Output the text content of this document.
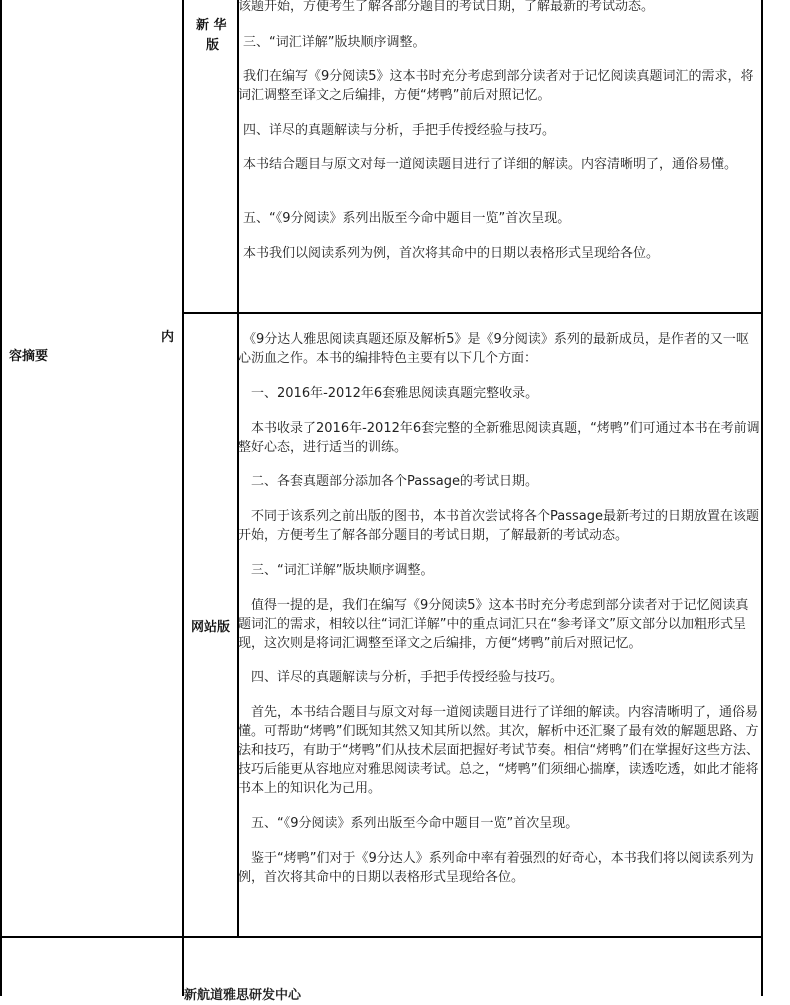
内
容摘要
新 华
版

该题开始，方便考生了解各部分题目的考试日期，了解最新的考试动态。

三、“词汇详解”版块顺序调整。

我们在编写《9分阅读5》这本书时充分考虑到部分读者对于记忆阅读真题词汇的需求，将词汇调整至译文之后编排，方便“烤鸭”前后对照记忆。

四、详尽的真题解读与分析，手把手传授经验与技巧。

本书结合题目与原文对每一道阅读题目进行了详细的解读。内容清晰明了，通俗易懂。

五、“《9分阅读》系列出版至今命中题目一览”首次呈现。

本书我们以阅读系列为例，首次将其命中的日期以表格形式呈现给各位。

网站版

《9分达人雅思阅读真题还原及解析5》是《9分阅读》系列的最新成员，是作者的又一呕心沥血之作。本书的编排特色主要有以下几个方面：

一、2016年-2012年6套雅思阅读真题完整收录。

本书收录了2016年-2012年6套完整的全新雅思阅读真题，“烤鸭”们可通过本书在考前调整好心态，进行适当的训练。

二、各套真题部分添加各个Passage的考试日期。

不同于该系列之前出版的图书，本书首次尝试将各个Passage最新考过的日期放置在该题开始，方便考生了解各部分题目的考试日期，了解最新的考试动态。

三、“词汇详解”版块顺序调整。

值得一提的是，我们在编写《9分阅读5》这本书时充分考虑到部分读者对于记忆阅读真题词汇的需求，相较以往“词汇详解”中的重点词汇只在“参考译文”原文部分以加粗形式呈现，这次则是将词汇调整至译文之后编排，方便“烤鸭”前后对照记忆。

四、详尽的真题解读与分析，手把手传授经验与技巧。

首先，本书结合题目与原文对每一道阅读题目进行了详细的解读。内容清晰明了，通俗易懂。可帮助“烤鸭”们既知其然又知其所以然。其次，解析中还汇聚了最有效的解题思路、方法和技巧，有助于“烤鸭”们从技术层面把握好考试节奏。相信“烤鸭”们在掌握好这些方法、技巧后能更从容地应对雅思阅读考试。总之，“烤鸭”们须细心揣摩，读透吃透，如此才能将书本上的知识化为己用。

五、“《9分阅读》系列出版至今命中题目一览”首次呈现。

鉴于“烤鸭”们对于《9分达人》系列命中率有着强烈的好奇心，本书我们将以阅读系列为例，首次将其命中的日期以表格形式呈现给各位。

新航道雅思研发中心
